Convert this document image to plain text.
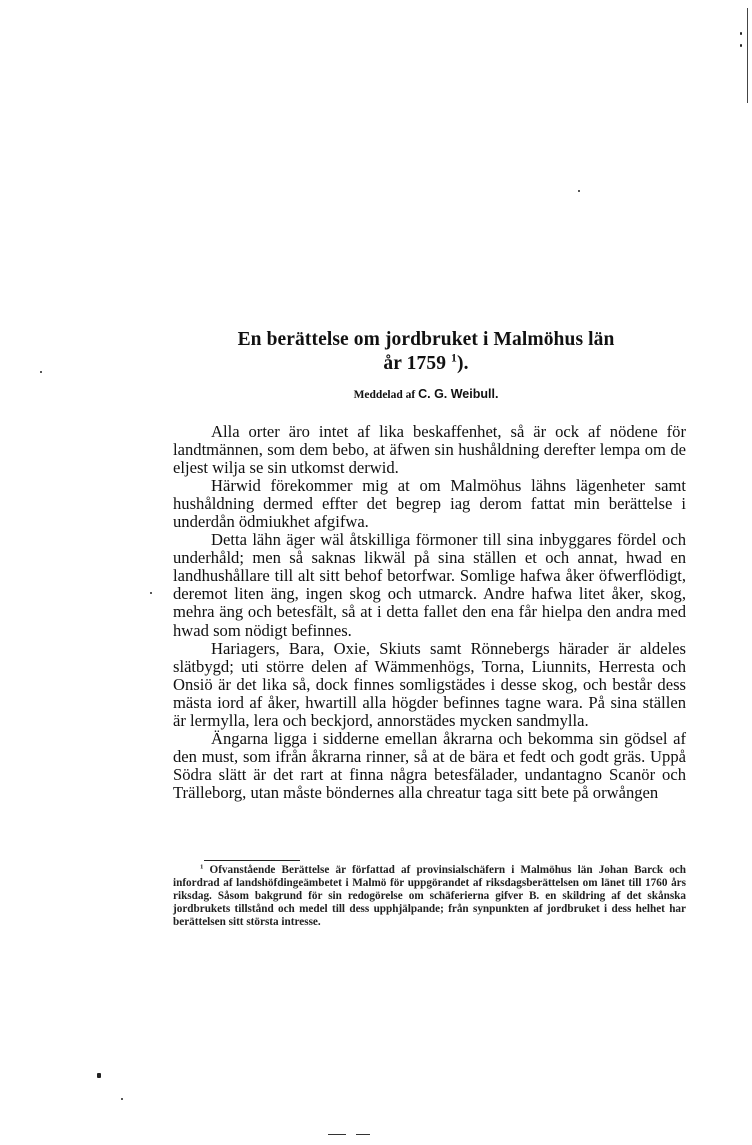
En berättelse om jordbruket i Malmöhus län
år 1759 $^1$).
Meddelad af C. G. Weibull.

Alla orter äro intet af lika beskaffenhet, så är ock af nödene för landtmännen, som dem bebo, at äfwen sin hushåldning derefter lempa om de eljest wilja se sin utkomst derwid.

Härwid förekommer mig at om Malmöhus lähns lägenheter samt hushåldning dermed effter det begrep iag derom fattat min berättelse i underdån ödmiukhet afgifwa.

Detta lähn äger wäl åtskilliga förmoner till sina inbyggares fördel och underhåld; men så saknas likwäl på sina ställen et och annat, hwad en landhushållare till alt sitt behof betorfwar. Somlige hafwa åker öfwerflödigt, deremot liten äng, ingen skog och utmarck. Andre hafwa litet åker, skog, mehra äng och betesfält, så at i detta fallet den ena får hielpa den andra med hwad som nödigt befinnes.

Hariagers, Bara, Oxie, Skiuts samt Rönnebergs härader är aldeles slätbygd; uti större delen af Wämmenhögs, Torna, Liunnits, Herresta och Onsiö är det lika så, dock finnes somligstädes i desse skog, och består dess mästa iord af åker, hwartill alla högder befinnes tagne wara. På sina ställen är lermylla, lera och beckjord, annorstädes mycken sandmylla.

Ängarna ligga i sidderne emellan åkrarna och bekomma sin gödsel af den must, som ifrån åkrarna rinner, så at de bära et fedt och godt gräs. Uppå Södra slätt är det rart at finna några betesfälader, undantagno Scanör och Trälleborg, utan måste böndernes alla chreatur taga sitt bete på orwången

$^1$ Ofvanstående Berättelse är författad af provinsialschäfern i Malmöhus län Johan Barck och infordrad af landshöfdingeämbetet i Malmö för uppgörandet af riksdagsberättelsen om länet till 1760 års riksdag. Såsom bakgrund för sin redogörelse om schäferierna gifver B. en skildring af det skånska jordbrukets tillstånd och medel till dess upphjälpande; från synpunkten af jordbruket i dess helhet har berättelsen sitt största intresse.
